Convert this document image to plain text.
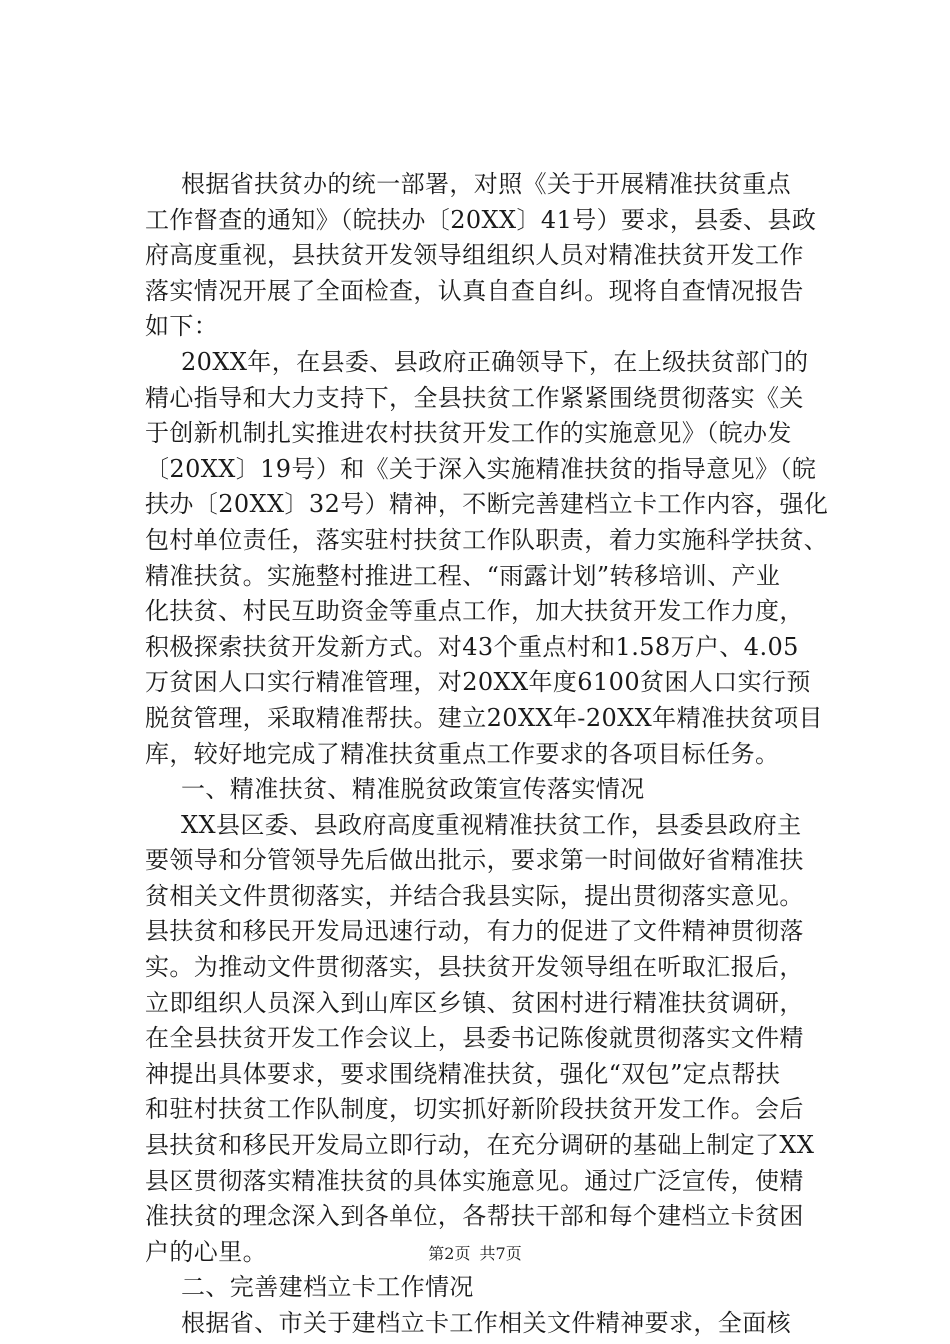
根据省扶贫办的统一部署，对照《关于开展精准扶贫重点
工作督查的通知》（皖扶办〔20XX〕41号）要求，县委、县政
府高度重视，县扶贫开发领导组组织人员对精准扶贫开发工作
落实情况开展了全面检查，认真自查自纠。现将自查情况报告
如下：
20XX年，在县委、县政府正确领导下，在上级扶贫部门的
精心指导和大力支持下，全县扶贫工作紧紧围绕贯彻落实《关
于创新机制扎实推进农村扶贫开发工作的实施意见》（皖办发
〔20XX〕19号）和《关于深入实施精准扶贫的指导意见》（皖
扶办〔20XX〕32号）精神，不断完善建档立卡工作内容，强化
包村单位责任，落实驻村扶贫工作队职责，着力实施科学扶贫、
精准扶贫。实施整村推进工程、“雨露计划”转移培训、产业
化扶贫、村民互助资金等重点工作，加大扶贫开发工作力度，
积极探索扶贫开发新方式。对43个重点村和1.58万户、4.05
万贫困人口实行精准管理，对20XX年度6100贫困人口实行预
脱贫管理，采取精准帮扶。建立20XX年-20XX年精准扶贫项目
库，较好地完成了精准扶贫重点工作要求的各项目标任务。
一、精准扶贫、精准脱贫政策宣传落实情况
XX县区委、县政府高度重视精准扶贫工作，县委县政府主
要领导和分管领导先后做出批示，要求第一时间做好省精准扶
贫相关文件贯彻落实，并结合我县实际，提出贯彻落实意见。
县扶贫和移民开发局迅速行动，有力的促进了文件精神贯彻落
实。为推动文件贯彻落实，县扶贫开发领导组在听取汇报后，
立即组织人员深入到山库区乡镇、贫困村进行精准扶贫调研，
在全县扶贫开发工作会议上，县委书记陈俊就贯彻落实文件精
神提出具体要求，要求围绕精准扶贫，强化“双包”定点帮扶
和驻村扶贫工作队制度，切实抓好新阶段扶贫开发工作。会后
县扶贫和移民开发局立即行动，在充分调研的基础上制定了XX
县区贯彻落实精准扶贫的具体实施意见。通过广泛宣传，使精
准扶贫的理念深入到各单位，各帮扶干部和每个建档立卡贫困
户的心里。
二、完善建档立卡工作情况
根据省、市关于建档立卡工作相关文件精神要求，全面核
第2页 共7页
